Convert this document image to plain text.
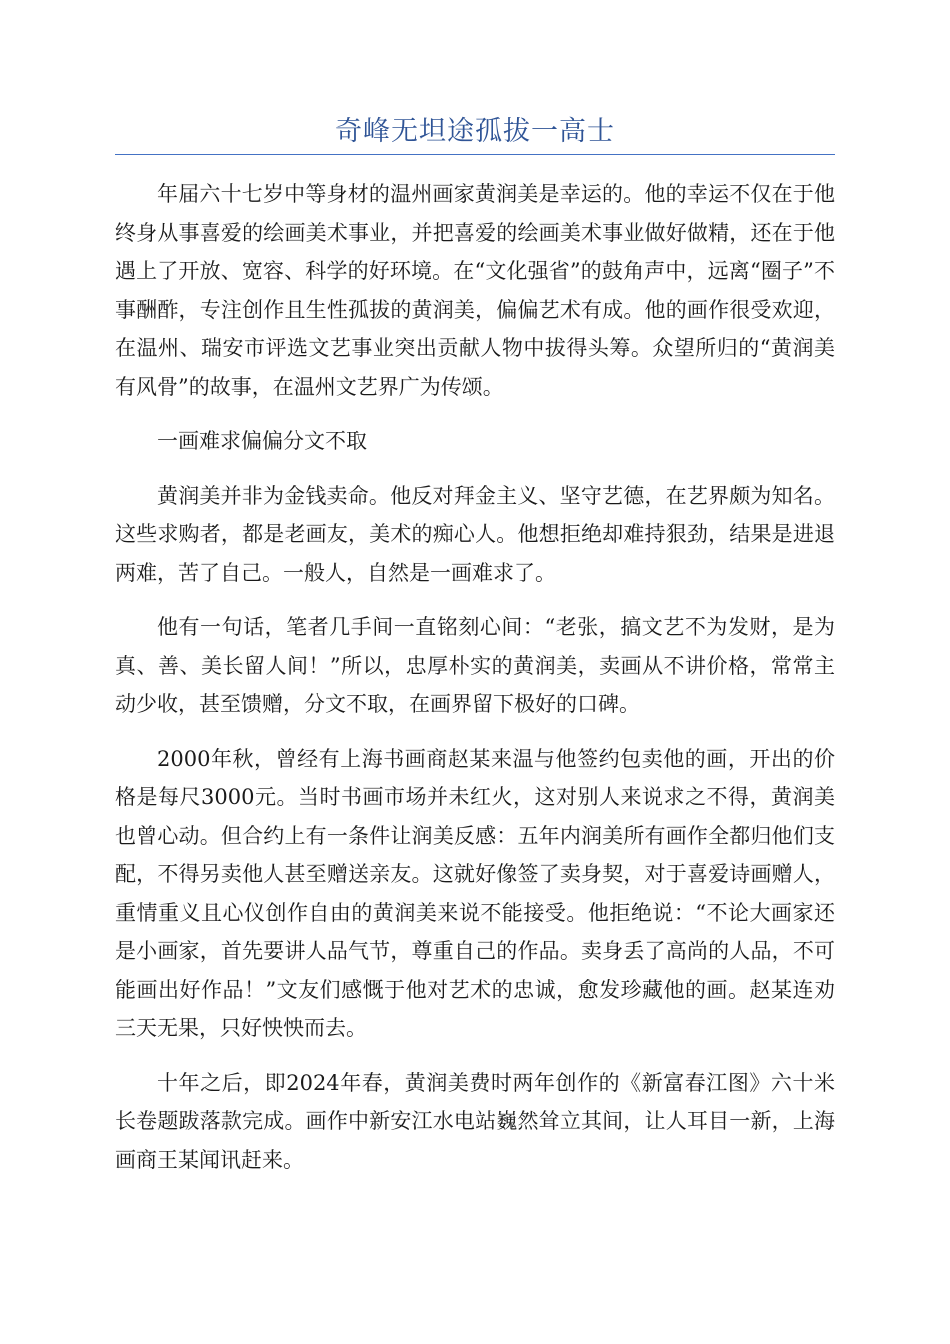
奇峰无坦途孤拔一高士

年届六十七岁中等身材的温州画家黄润美是幸运的。他的幸运不仅在于他终身从事喜爱的绘画美术事业，并把喜爱的绘画美术事业做好做精，还在于他遇上了开放、宽容、科学的好环境。在“文化强省”的鼓角声中，远离“圈子”不事酬酢，专注创作且生性孤拔的黄润美，偏偏艺术有成。他的画作很受欢迎，在温州、瑞安市评选文艺事业突出贡献人物中拔得头筹。众望所归的“黄润美有风骨”的故事，在温州文艺界广为传颂。

一画难求偏偏分文不取

黄润美并非为金钱卖命。他反对拜金主义、坚守艺德，在艺界颇为知名。这些求购者，都是老画友，美术的痴心人。他想拒绝却难持狠劲，结果是进退两难，苦了自己。一般人，自然是一画难求了。

他有一句话，笔者几手间一直铭刻心间：“老张，搞文艺不为发财，是为真、善、美长留人间！”所以，忠厚朴实的黄润美，卖画从不讲价格，常常主动少收，甚至馈赠，分文不取，在画界留下极好的口碑。

2000年秋，曾经有上海书画商赵某来温与他签约包卖他的画，开出的价格是每尺3000元。当时书画市场并未红火，这对别人来说求之不得，黄润美也曾心动。但合约上有一条件让润美反感：五年内润美所有画作全都归他们支配，不得另卖他人甚至赠送亲友。这就好像签了卖身契，对于喜爱诗画赠人，重情重义且心仪创作自由的黄润美来说不能接受。他拒绝说：“不论大画家还是小画家，首先要讲人品气节，尊重自己的作品。卖身丢了高尚的人品，不可能画出好作品！”文友们感慨于他对艺术的忠诚，愈发珍藏他的画。赵某连劝三天无果，只好怏怏而去。

十年之后，即2024年春，黄润美费时两年创作的《新富春江图》六十米长卷题跋落款完成。画作中新安江水电站巍然耸立其间，让人耳目一新，上海画商王某闻讯赶来。
